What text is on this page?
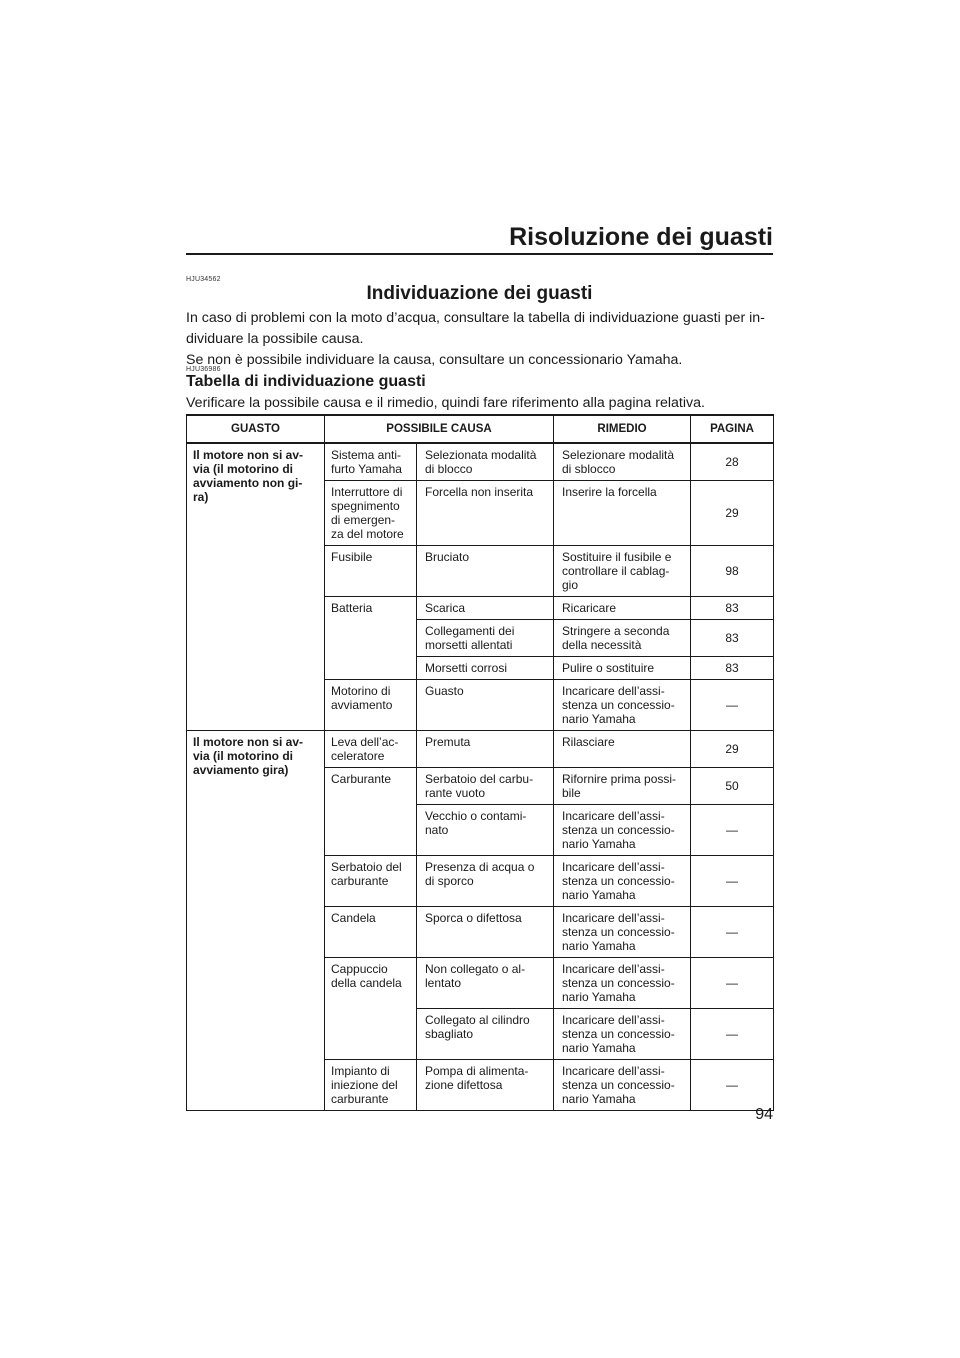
Risoluzione dei guasti
HJU34562
Individuazione dei guasti

In caso di problemi con la moto d’acqua, consultare la tabella di individuazione guasti per in-
dividuare la possibile causa.
Se non è possibile individuare la causa, consultare un concessionario Yamaha.

HJU36986
Tabella di individuazione guasti

Verificare la possibile causa e il rimedio, quindi fare riferimento alla pagina relativa.

GUASTO	POSSIBILE CAUSA		RIMEDIO	PAGINA
Il motore non si av-
via (il motorino di
avviamento non gi-
ra)	Sistema anti-
furto Yamaha	Selezionata modalità
di blocco	Selezionare modalità
di sblocco	28
	Interruttore di
spegnimento
di emergen-
za del motore	Forcella non inserita	Inserire la forcella	29
	Fusibile	Bruciato	Sostituire il fusibile e
controllare il cablag-
gio	98
	Batteria	Scarica	Ricaricare	83
		Collegamenti dei
morsetti allentati	Stringere a seconda
della necessità	83
		Morsetti corrosi	Pulire o sostituire	83
	Motorino di
avviamento	Guasto	Incaricare dell’assi-
stenza un concessio-
nario Yamaha	—
Il motore non si av-
via (il motorino di
avviamento gira)	Leva dell’ac-
celeratore	Premuta	Rilasciare	29
	Carburante	Serbatoio del carbu-
rante vuoto	Rifornire prima possi-
bile	50
		Vecchio o contami-
nato	Incaricare dell’assi-
stenza un concessio-
nario Yamaha	—
	Serbatoio del
carburante	Presenza di acqua o
di sporco	Incaricare dell’assi-
stenza un concessio-
nario Yamaha	—
	Candela	Sporca o difettosa	Incaricare dell’assi-
stenza un concessio-
nario Yamaha	—
	Cappuccio
della candela	Non collegato o al-
lentato	Incaricare dell’assi-
stenza un concessio-
nario Yamaha	—
		Collegato al cilindro
sbagliato	Incaricare dell’assi-
stenza un concessio-
nario Yamaha	—
	Impianto di
iniezione del
carburante	Pompa di alimenta-
zione difettosa	Incaricare dell’assi-
stenza un concessio-
nario Yamaha	—
94
